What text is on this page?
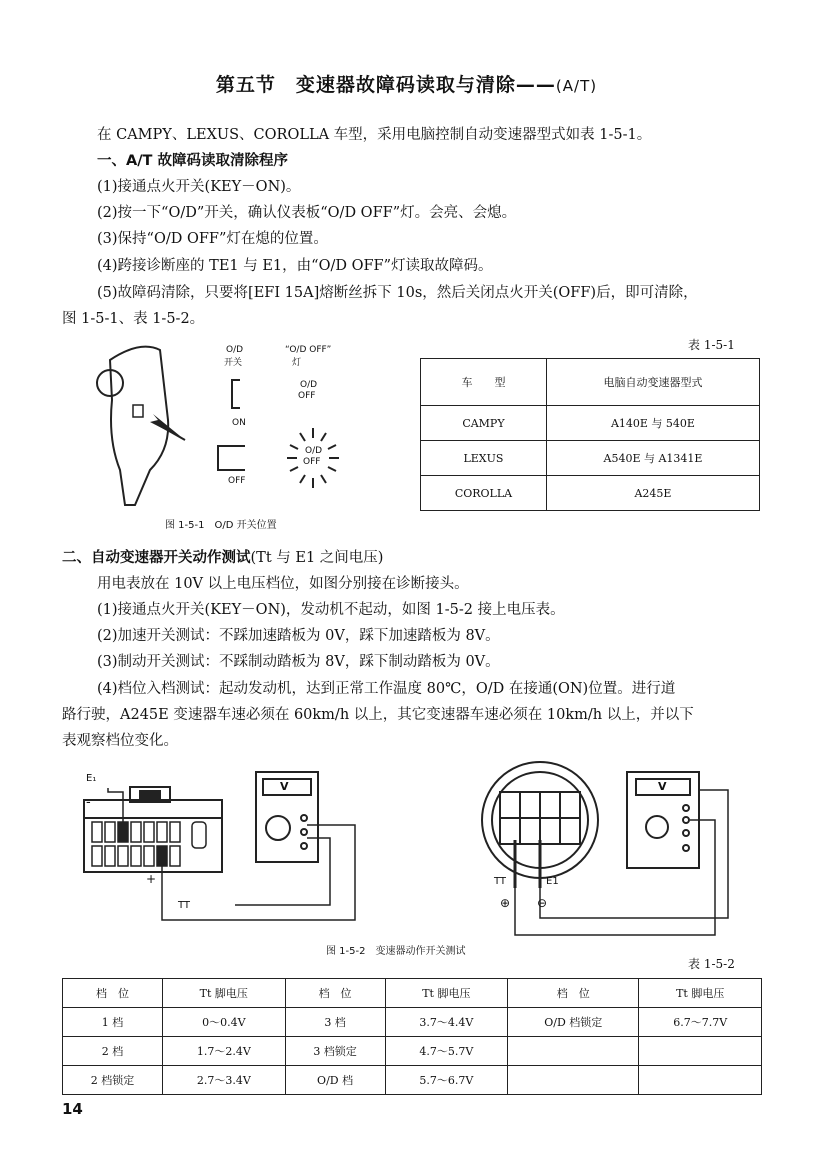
第五节　变速器故障码读取与清除——(A/T)
在 CAMPY、LEXUS、COROLLA 车型，采用电脑控制自动变速器型式如表 1-5-1。
一、A/T 故障码读取清除程序
(1)接通点火开关(KEY－ON)。
(2)按一下“O/D”开关，确认仪表板“O/D OFF”灯。会亮、会熄。
(3)保持“O/D OFF”灯在熄的位置。
(4)跨接诊断座的 TE1 与 E1，由“O/D OFF”灯读取故障码。
(5)故障码清除，只要将[EFI 15A]熔断丝拆下 10s，然后关闭点火开关(OFF)后，即可清除，
图 1-5-1、表 1-5-2。
O/D
开关
“O/D OFF”
灯
O/D
OFF
ON
OFF
O/D
OFF
图 1-5-1　O/D 开关位置
表 1-5-1
车　　型	电脑自动变速器型式
CAMPY	A140E 与 540E
LEXUS	A540E 与 A1341E
COROLLA	A245E
二、自动变速器开关动作测试(Tt 与 E1 之间电压)
用电表放在 10V 以上电压档位，如图分别接在诊断接头。
(1)接通点火开关(KEY－ON)，发动机不起动，如图 1-5-2 接上电压表。
(2)加速开关测试：不踩加速踏板为 0V，踩下加速踏板为 8V。
(3)制动开关测试：不踩制动踏板为 8V，踩下制动踏板为 0V。
(4)档位入档测试：起动发动机，达到正常工作温度 80℃，O/D 在接通(ON)位置。进行道
路行驶，A245E 变速器车速必须在 60km/h 以上，其它变速器车速必须在 10km/h 以上，并以下
表观察档位变化。
E₁
-
+
TT
V	V
TT	E1
⊕ ⊖
图 1-5-2　变速器动作开关测试
表 1-5-2
档　位	Tt 脚电压	档　位	Tt 脚电压	档　位	Tt 脚电压
1 档	0～0.4V	3 档	3.7～4.4V	O/D 档锁定	6.7～7.7V
2 档	1.7～2.4V	3 档锁定	4.7～5.7V		
2 档锁定	2.7～3.4V	O/D 档	5.7～6.7V		
14
